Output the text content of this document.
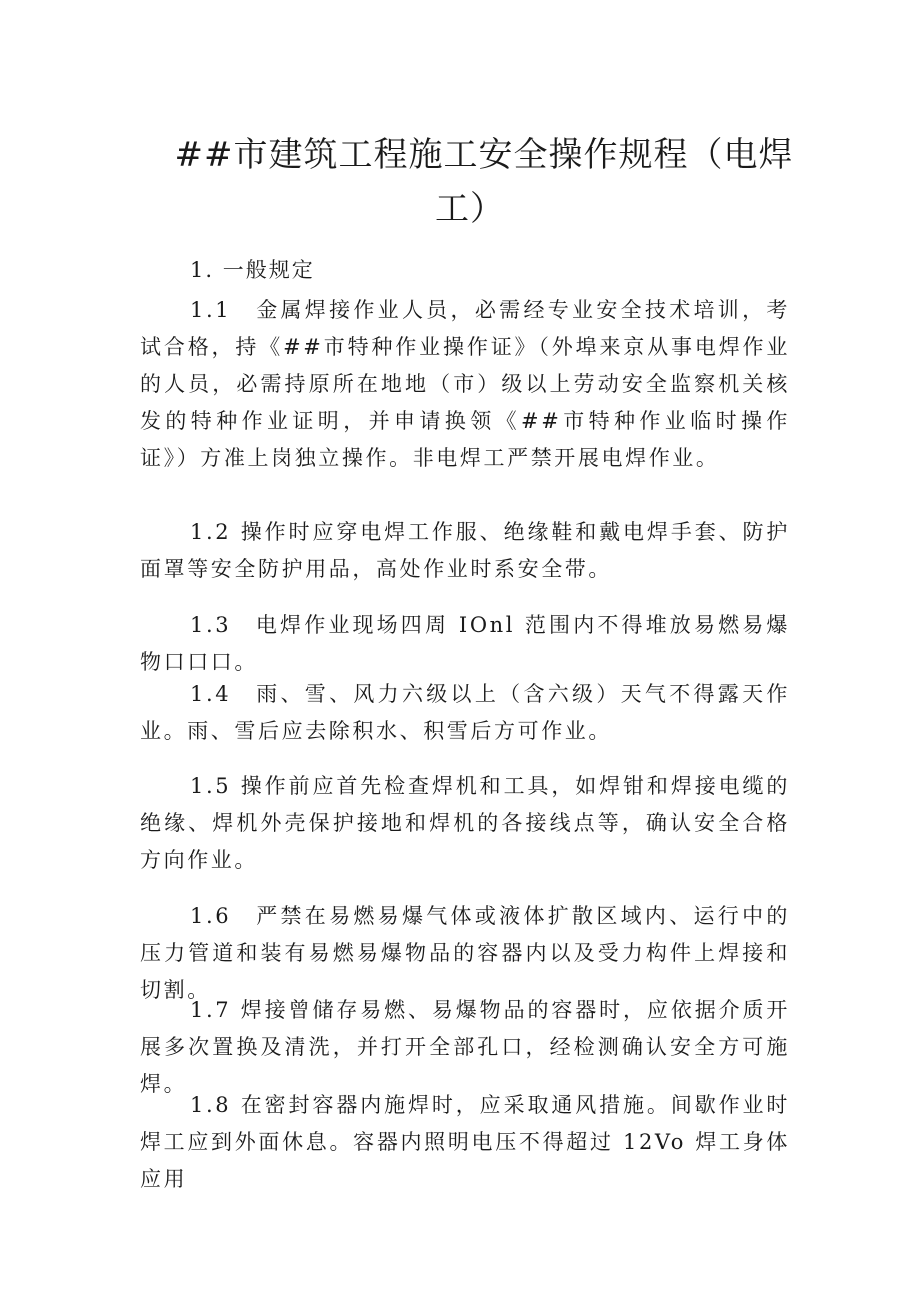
##市建筑工程施工安全操作规程（电焊
工）
1. 一般规定

1.1　金属焊接作业人员，必需经专业安全技术培训，考试合格，持《##市特种作业操作证》（外埠来京从事电焊作业的人员，必需持原所在地地（市）级以上劳动安全监察机关核发的特种作业证明，并申请换领《##市特种作业临时操作证》）方准上岗独立操作。非电焊工严禁开展电焊作业。

1.2 操作时应穿电焊工作服、绝缘鞋和戴电焊手套、防护面罩等安全防护用品，高处作业时系安全带。

1.3　电焊作业现场四周 IOnl 范围内不得堆放易燃易爆物口口口。

1.4　雨、雪、风力六级以上（含六级）天气不得露天作业。雨、雪后应去除积水、积雪后方可作业。

1.5 操作前应首先检查焊机和工具，如焊钳和焊接电缆的绝缘、焊机外壳保护接地和焊机的各接线点等，确认安全合格方向作业。

1.6　严禁在易燃易爆气体或液体扩散区域内、运行中的压力管道和装有易燃易爆物品的容器内以及受力构件上焊接和切割。

1.7 焊接曾储存易燃、易爆物品的容器时，应依据介质开展多次置换及清洗，并打开全部孔口，经检测确认安全方可施焊。

1.8 在密封容器内施焊时，应采取通风措施。间歇作业时焊工应到外面休息。容器内照明电压不得超过 12Vo 焊工身体应用
